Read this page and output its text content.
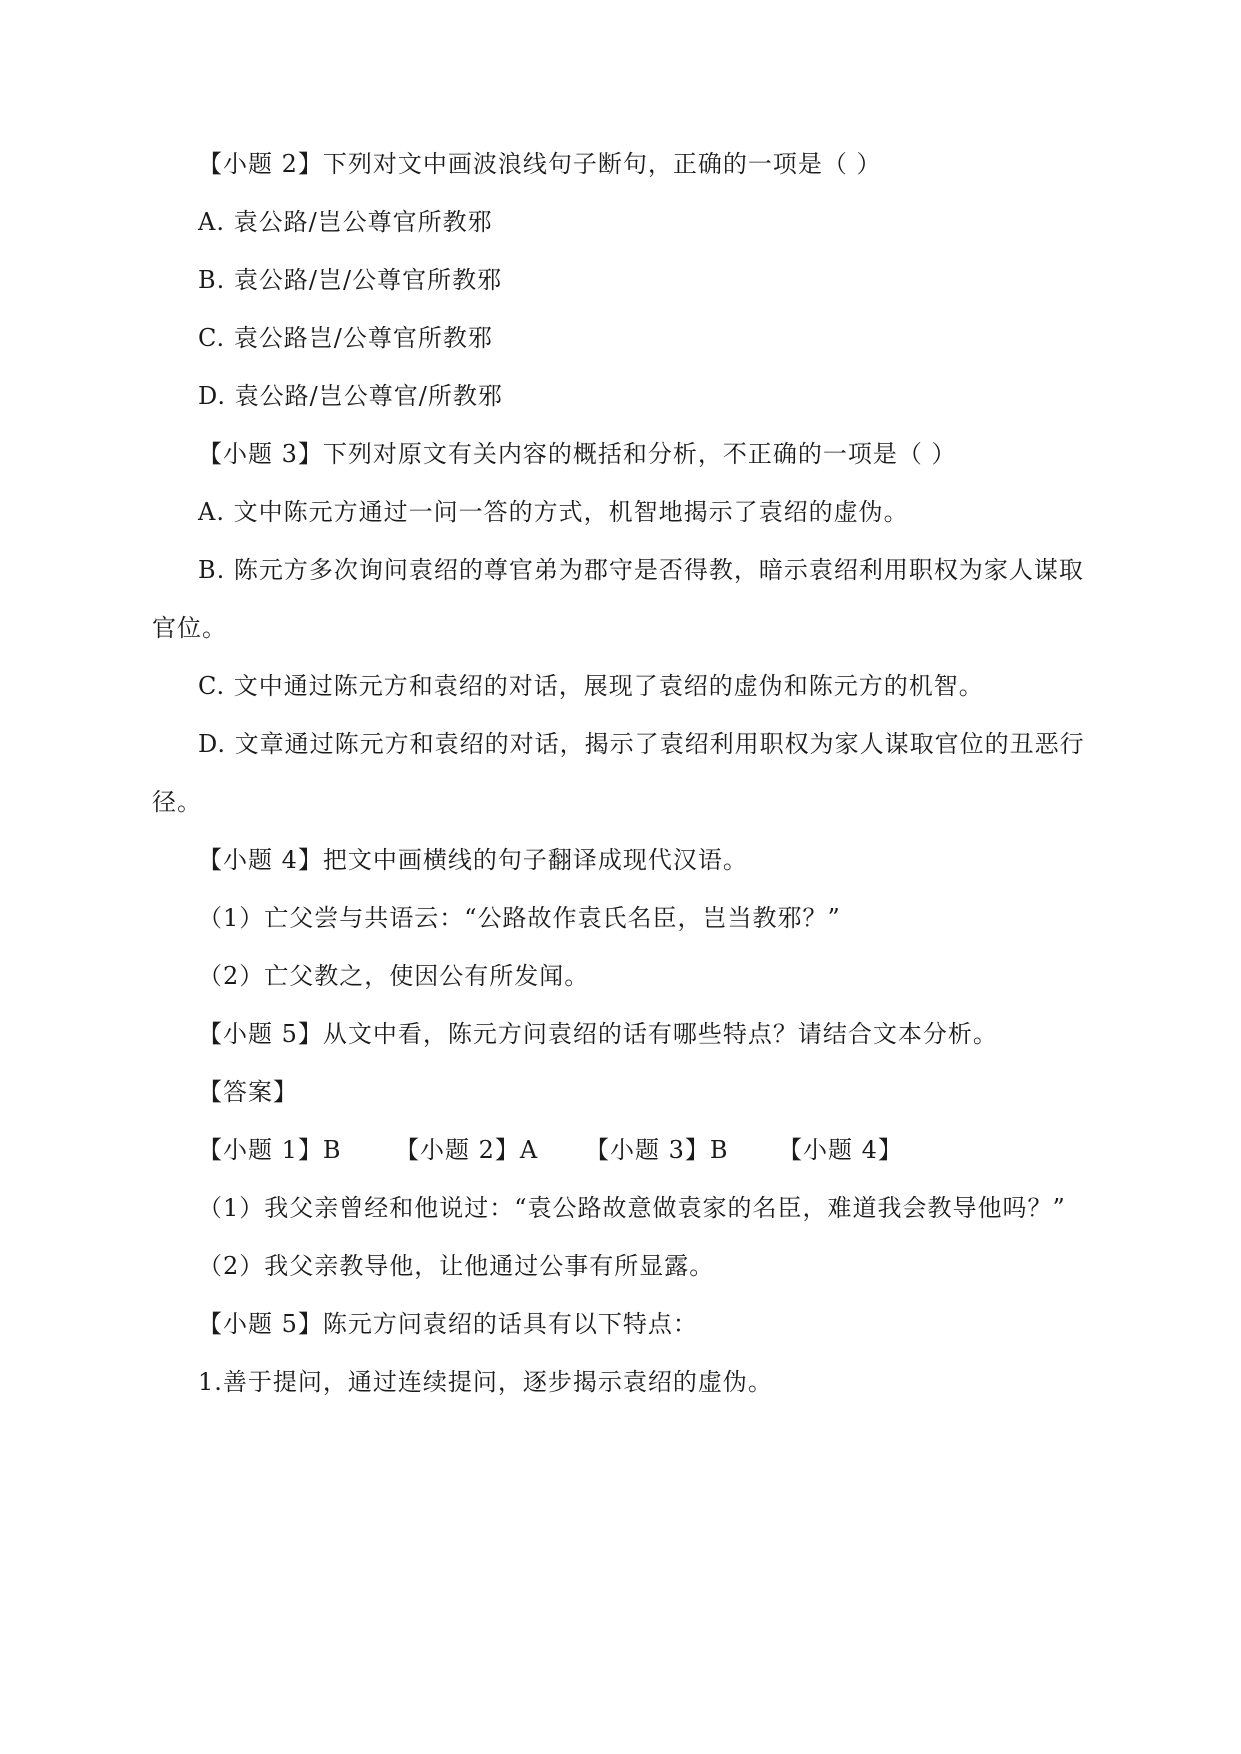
【小题 2】下列对文中画波浪线句子断句，正确的一项是（ ）
A. 袁公路/岂公尊官所教邪
B. 袁公路/岂/公尊官所教邪
C. 袁公路岂/公尊官所教邪
D. 袁公路/岂公尊官/所教邪
【小题 3】下列对原文有关内容的概括和分析，不正确的一项是（ ）
A. 文中陈元方通过一问一答的方式，机智地揭示了袁绍的虚伪。
B. 陈元方多次询问袁绍的尊官弟为郡守是否得教，暗示袁绍利用职权为家人谋取
官位。
C. 文中通过陈元方和袁绍的对话，展现了袁绍的虚伪和陈元方的机智。
D. 文章通过陈元方和袁绍的对话，揭示了袁绍利用职权为家人谋取官位的丑恶行
径。
【小题 4】把文中画横线的句子翻译成现代汉语。
（1）亡父尝与共语云：“公路故作袁氏名臣，岂当教邪？”
（2）亡父教之，使因公有所发闻。
【小题 5】从文中看，陈元方问袁绍的话有哪些特点？请结合文本分析。
【答案】
【小题 1】B 【小题 2】A 【小题 3】B 【小题 4】
（1）我父亲曾经和他说过：“袁公路故意做袁家的名臣，难道我会教导他吗？”
（2）我父亲教导他，让他通过公事有所显露。
【小题 5】陈元方问袁绍的话具有以下特点：
1.善于提问，通过连续提问，逐步揭示袁绍的虚伪。
